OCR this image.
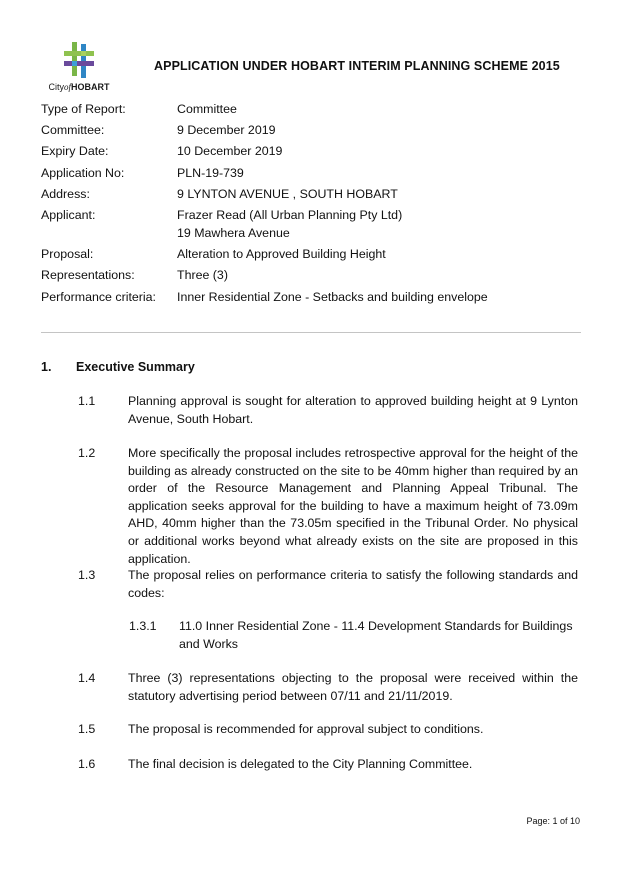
CityofHOBART
APPLICATION UNDER HOBART INTERIM PLANNING SCHEME 2015
Type of Report:	Committee
Committee:	9 December 2019
Expiry Date:	10 December 2019
Application No:	PLN-19-739
Address:	9 LYNTON AVENUE , SOUTH HOBART
Applicant:	Frazer Read (All Urban Planning Pty Ltd)
19 Mawhera Avenue
Proposal:	Alteration to Approved Building Height
Representations:	Three (3)
Performance criteria:	Inner Residential Zone - Setbacks and building envelope
1.	Executive Summary
1.1	Planning approval is sought for alteration to approved building height at 9 Lynton Avenue, South Hobart.
1.2	More specifically the proposal includes retrospective approval for the height of the building as already constructed on the site to be 40mm higher than required by an order of the Resource Management and Planning Appeal Tribunal. The application seeks approval for the building to have a maximum height of 73.09m AHD, 40mm higher than the 73.05m specified in the Tribunal Order. No physical or additional works beyond what already exists on the site are proposed in this application.
1.3	The proposal relies on performance criteria to satisfy the following standards and codes:
1.3.1	11.0 Inner Residential Zone - 11.4 Development Standards for Buildings and Works
1.4	Three (3) representations objecting to the proposal were received within the statutory advertising period between 07/11 and 21/11/2019.
1.5	The proposal is recommended for approval subject to conditions.
1.6	The final decision is delegated to the City Planning Committee.
Page: 1 of 10
